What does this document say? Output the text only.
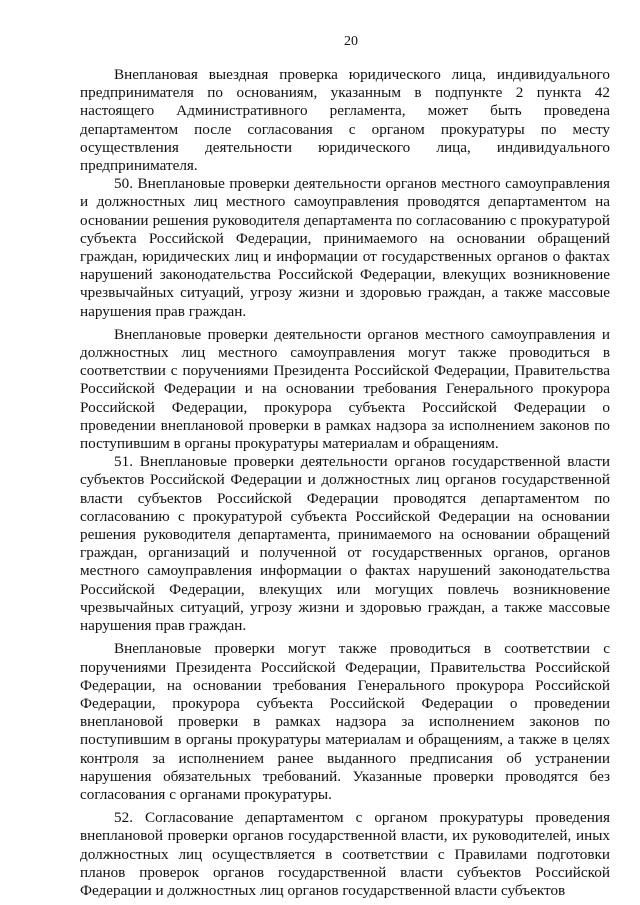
20

Внеплановая выездная проверка юридического лица, индивидуального предпринимателя по основаниям, указанным в подпункте 2 пункта 42 настоящего Административного регламента, может быть проведена департаментом после согласования с органом прокуратуры по месту осуществления деятельности юридического лица, индивидуального предпринимателя.

50. Внеплановые проверки деятельности органов местного самоуправления и должностных лиц местного самоуправления проводятся департаментом на основании решения руководителя департамента по согласованию с прокуратурой субъекта Российской Федерации, принимаемого на основании обращений граждан, юридических лиц и информации от государственных органов о фактах нарушений законодательства Российской Федерации, влекущих возникновение чрезвычайных ситуаций, угрозу жизни и здоровью граждан, а также массовые нарушения прав граждан.

Внеплановые проверки деятельности органов местного самоуправления и должностных лиц местного самоуправления могут также проводиться в соответствии с поручениями Президента Российской Федерации, Правительства Российской Федерации и на основании требования Генерального прокурора Российской Федерации, прокурора субъекта Российской Федерации о проведении внеплановой проверки в рамках надзора за исполнением законов по поступившим в органы прокуратуры материалам и обращениям.

51. Внеплановые проверки деятельности органов государственной власти субъектов Российской Федерации и должностных лиц органов государственной власти субъектов Российской Федерации проводятся департаментом по согласованию с прокуратурой субъекта Российской Федерации на основании решения руководителя департамента, принимаемого на основании обращений граждан, организаций и полученной от государственных органов, органов местного самоуправления информации о фактах нарушений законодательства Российской Федерации, влекущих или могущих повлечь возникновение чрезвычайных ситуаций, угрозу жизни и здоровью граждан, а также массовые нарушения прав граждан.

Внеплановые проверки могут также проводиться в соответствии с поручениями Президента Российской Федерации, Правительства Российской Федерации, на основании требования Генерального прокурора Российской Федерации, прокурора субъекта Российской Федерации о проведении внеплановой проверки в рамках надзора за исполнением законов по поступившим в органы прокуратуры материалам и обращениям, а также в целях контроля за исполнением ранее выданного предписания об устранении нарушения обязательных требований. Указанные проверки проводятся без согласования с органами прокуратуры.

52. Согласование департаментом с органом прокуратуры проведения внеплановой проверки органов государственной власти, их руководителей, иных должностных лиц осуществляется в соответствии с Правилами подготовки планов проверок органов государственной власти субъектов Российской Федерации и должностных лиц органов государственной власти субъектов
